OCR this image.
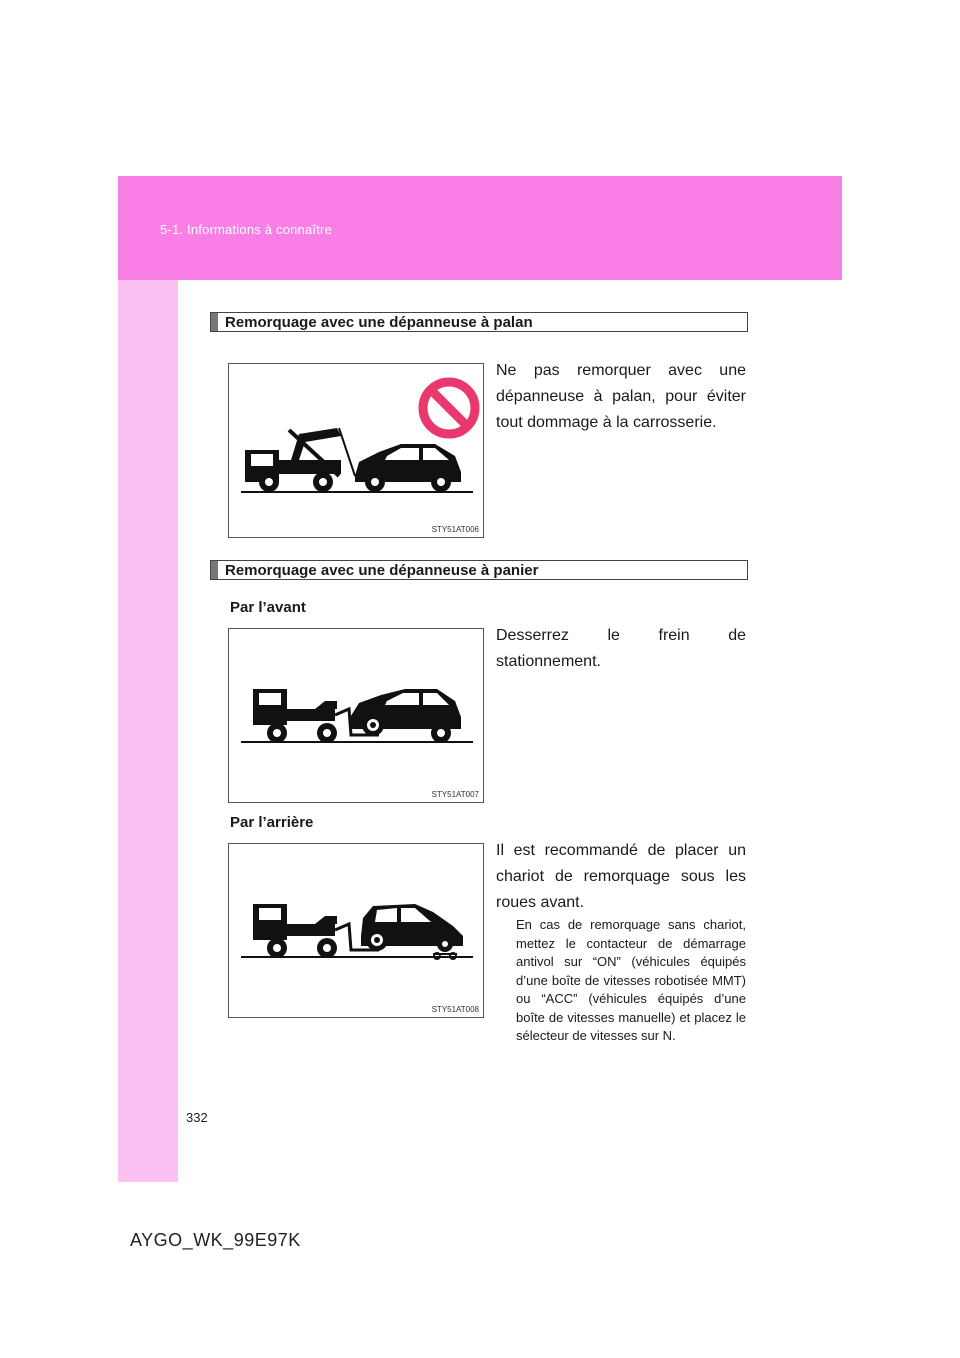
5-1. Informations à connaître
332
AYGO_WK_99E97K
Remorquage avec une dépanneuse à palan
STY51AT006
Ne pas remorquer avec une dépanneuse à palan, pour éviter tout dommage à la carrosserie.
Remorquage avec une dépanneuse à panier
Par l’avant
STY51AT007
Desserrez le frein de stationnement.
Par l’arrière
STY51AT008
Il est recommandé de placer un chariot de remorquage sous les roues avant.
En cas de remorquage sans chariot, mettez le contacteur de démarrage antivol sur “ON” (véhicules équipés d’une boîte de vitesses robotisée MMT) ou “ACC” (véhicules équipés d’une boîte de vitesses manuelle) et placez le sélecteur de vitesses sur N.
